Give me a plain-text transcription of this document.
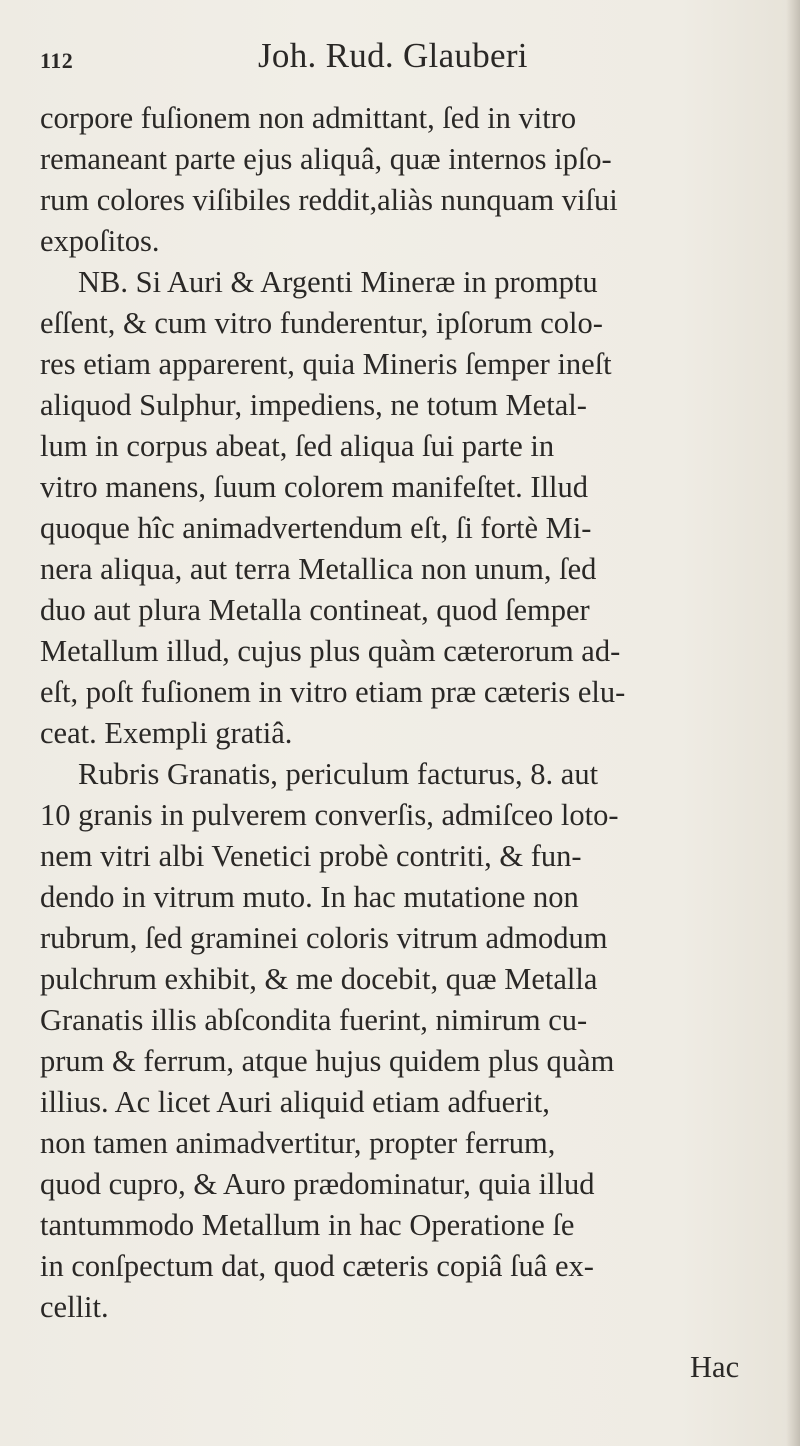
112	Joh. Rud. Glauberi
corpore fuſionem non admittant, ſed in vitro
remaneant parte ejus aliquâ, quæ internos ipſo-
rum colores viſibiles reddit,aliàs nunquam viſui
expoſitos.
NB. Si Auri & Argenti Mineræ in promptu
eſſent, & cum vitro funderentur, ipſorum colo-
res etiam apparerent, quia Mineris ſemper ineſt
aliquod Sulphur, impediens, ne totum Metal-
lum in corpus abeat, ſed aliqua ſui parte in
vitro manens, ſuum colorem manifeſtet. Illud
quoque hîc animadvertendum eſt, ſi fortè Mi-
nera aliqua, aut terra Metallica non unum, ſed
duo aut plura Metalla contineat, quod ſemper
Metallum illud, cujus plus quàm cæterorum ad-
eſt, poſt fuſionem in vitro etiam præ cæteris elu-
ceat. Exempli gratiâ.
Rubris Granatis, periculum facturus, 8. aut
10 granis in pulverem converſis, admiſceo loto-
nem vitri albi Venetici probè contriti, & fun-
dendo in vitrum muto. In hac mutatione non
rubrum, ſed graminei coloris vitrum admodum
pulchrum exhibit, & me docebit, quæ Metalla
Granatis illis abſcondita fuerint, nimirum cu-
prum & ferrum, atque hujus quidem plus quàm
illius. Ac licet Auri aliquid etiam adfuerit,
non tamen animadvertitur, propter ferrum,
quod cupro, & Auro prædominatur, quia illud
tantummodo Metallum in hac Operatione ſe
in conſpectum dat, quod cæteris copiâ ſuâ ex-
cellit.
Hac
